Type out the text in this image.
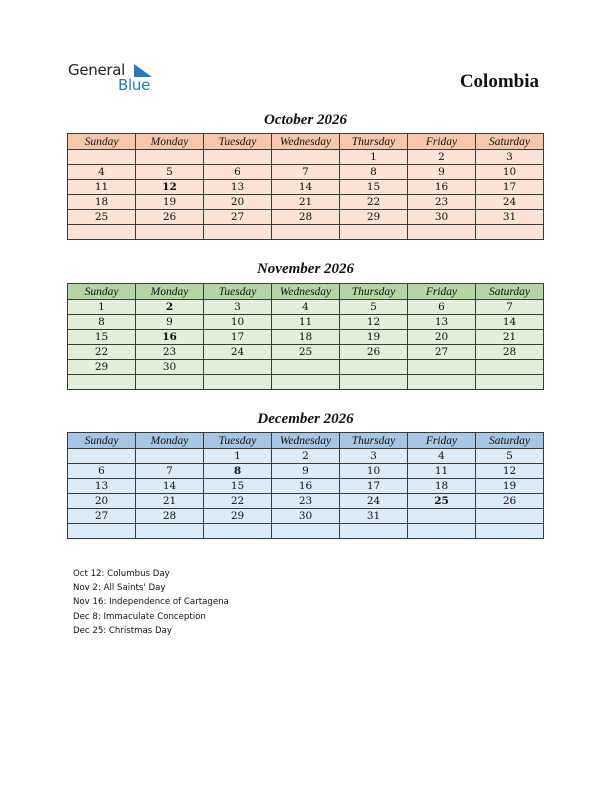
General
Blue	Colombia
October 2026
Sunday	Monday	Tuesday	Wednesday	Thursday	Friday	Saturday
				1	2	3
4	5	6	7	8	9	10
11	12	13	14	15	16	17
18	19	20	21	22	23	24
25	26	27	28	29	30	31

November 2026
Sunday	Monday	Tuesday	Wednesday	Thursday	Friday	Saturday
1	2	3	4	5	6	7
8	9	10	11	12	13	14
15	16	17	18	19	20	21
22	23	24	25	26	27	28
29	30					

December 2026
Sunday	Monday	Tuesday	Wednesday	Thursday	Friday	Saturday
		1	2	3	4	5
6	7	8	9	10	11	12
13	14	15	16	17	18	19
20	21	22	23	24	25	26
27	28	29	30	31		

Oct 12: Columbus Day
Nov 2: All Saints' Day
Nov 16: Independence of Cartagena
Dec 8: Immaculate Conception
Dec 25: Christmas Day
